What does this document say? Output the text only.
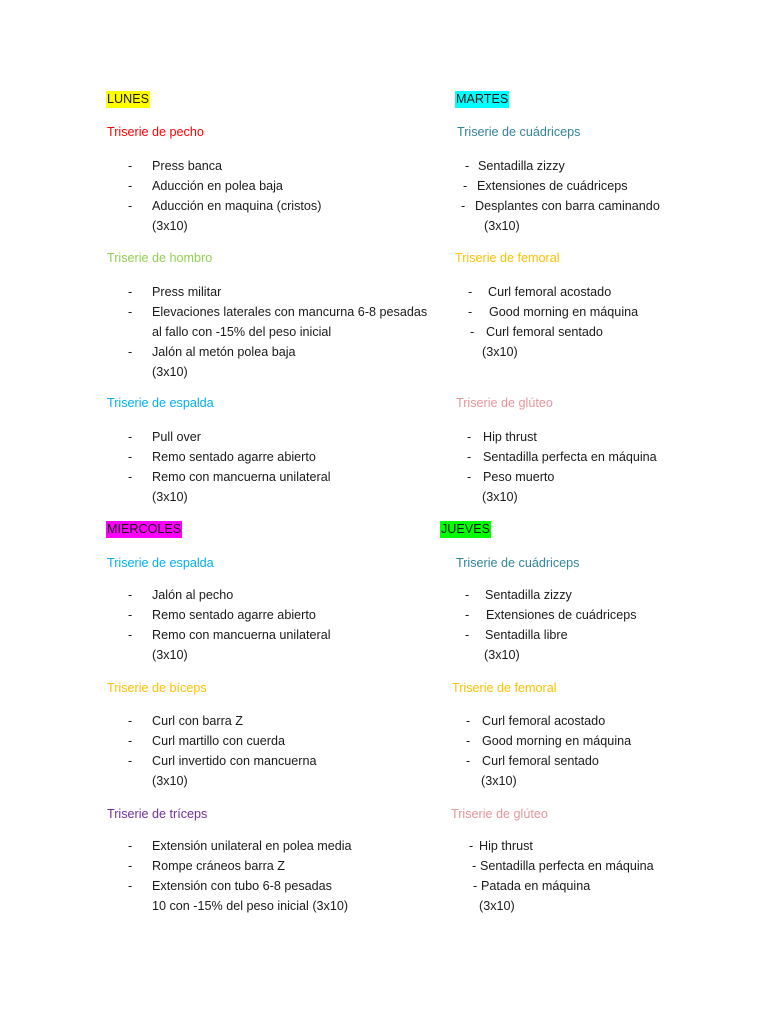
LUNES
Triserie de pecho
- Press banca
- Aducción en polea baja
- Aducción en maquina (cristos)
(3x10)
Triserie de hombro
- Press militar
- Elevaciones laterales con mancurna 6-8 pesadas
al fallo con -15% del peso inicial
- Jalón al metón polea baja
(3x10)
Triserie de espalda
- Pull over
- Remo sentado agarre abierto
- Remo con mancuerna unilateral
(3x10)
MARTES
Triserie de cuádriceps
- Sentadilla zizzy
- Extensiones de cuádriceps
- Desplantes con barra caminando
(3x10)
Triserie de femoral
- Curl femoral acostado
- Good morning en máquina
- Curl femoral sentado
(3x10)
Triserie de glúteo
- Hip thrust
- Sentadilla perfecta en máquina
- Peso muerto
(3x10)
MIERCOLES
Triserie de espalda
- Jalón al pecho
- Remo sentado agarre abierto
- Remo con mancuerna unilateral
(3x10)
Triserie de bíceps
- Curl con barra Z
- Curl martillo con cuerda
- Curl invertido con mancuerna
(3x10)
Triserie de tríceps
- Extensión unilateral en polea media
- Rompe cráneos barra Z
- Extensión con tubo 6-8 pesadas
10 con -15% del peso inicial (3x10)
JUEVES
Triserie de cuádriceps
- Sentadilla zizzy
- Extensiones de cuádriceps
- Sentadilla libre
(3x10)
Triserie de femoral
- Curl femoral acostado
- Good morning en máquina
- Curl femoral sentado
(3x10)
Triserie de glúteo
- Hip thrust
- Sentadilla perfecta en máquina
- Patada en máquina
(3x10)
